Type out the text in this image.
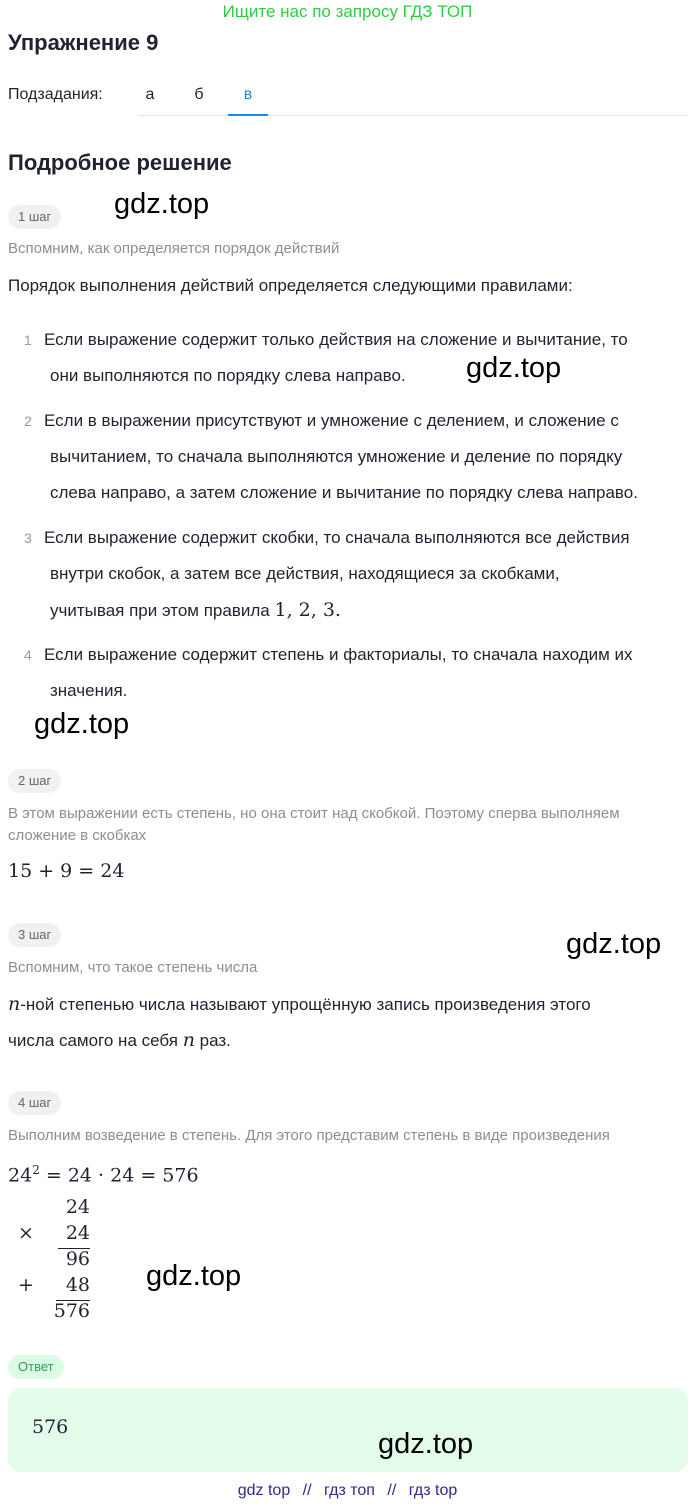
Ищите нас по запросу ГДЗ ТОП
Упражнение 9
Подзадания:	а	б	в
Подробное решение
1 шаг	gdz.top
Вспомним, как определяется порядок действий
Порядок выполнения действий определяется следующими правилами:
1 Если выражение содержит только действия на сложение и вычитание, то
они выполняются по порядку слева направо.	gdz.top
2 Если в выражении присутствуют и умножение с делением, и сложение с
вычитанием, то сначала выполняются умножение и деление по порядку
слева направо, а затем сложение и вычитание по порядку слева направо.
3 Если выражение содержит скобки, то сначала выполняются все действия
внутри скобок, а затем все действия, находящиеся за скобками,
учитывая при этом правила 1, 2, 3.
4 Если выражение содержит степень и факториалы, то сначала находим их
значения.
gdz.top
2 шаг
В этом выражении есть степень, но она стоит над скобкой. Поэтому сперва выполняем
сложение в скобках
15 + 9 = 24
3 шаг	gdz.top
Вспомним, что такое степень числа
n-ной степенью числа называют упрощённую запись произведения этого
числа самого на себя n раз.
4 шаг
Выполним возведение в степень. Для этого представим степень в виде произведения
$24^2 = 24 \cdot 24 = 576$
24
× 24
96
+ 48
576
gdz.top
Ответ
576
gdz.top
gdz top // гдз топ // гдз top
